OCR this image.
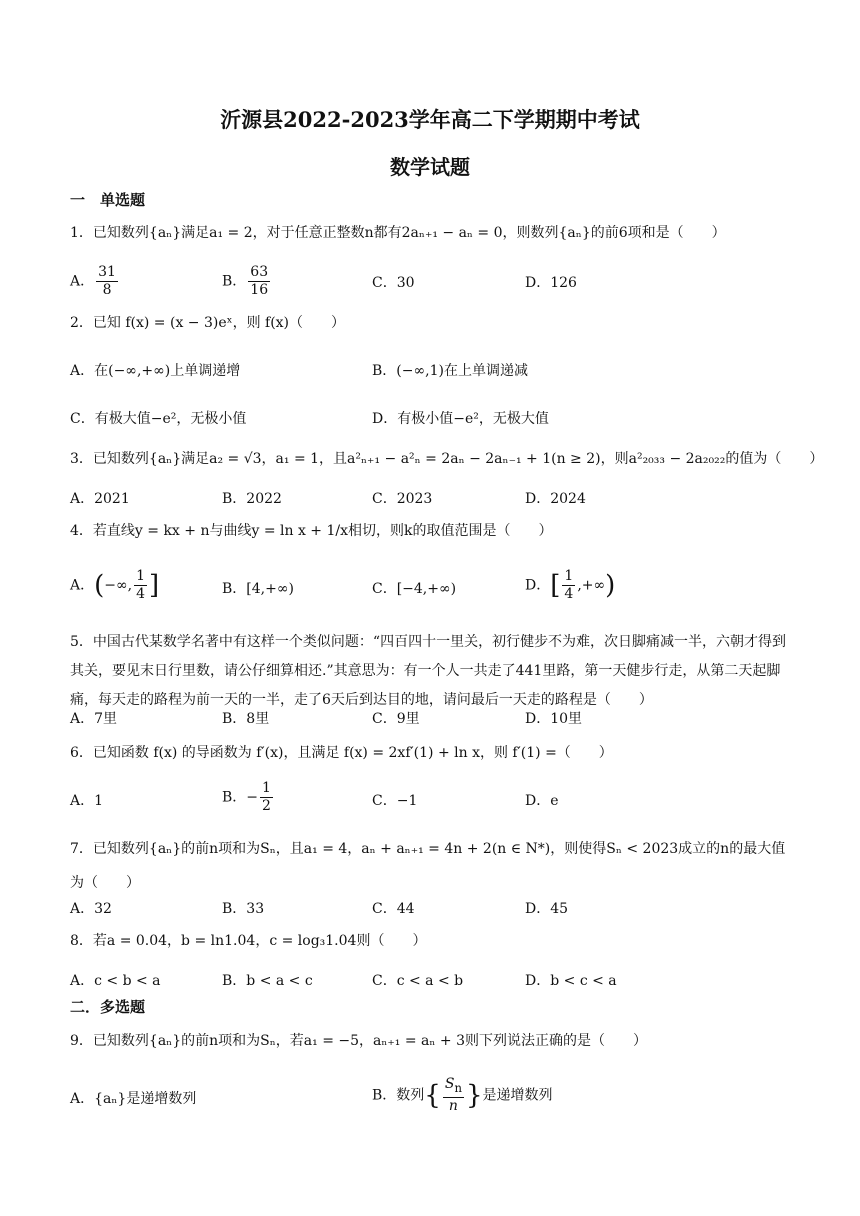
沂源县2022-2023学年高二下学期期中考试
数学试题
一　单选题
1．已知数列{aₙ}满足a₁ = 2，对于任意正整数n都有2aₙ₊₁ − aₙ = 0，则数列{aₙ}的前6项和是（　　）
A． $\frac{31}{8}$	B． $\frac{63}{16}$	C．30	D．126
2．已知 f(x) = (x − 3)eˣ，则 f(x)（　　）
A．在(−∞,+∞)上单调递增	B．(−∞,1)在上单调递减
C．有极大值−e²，无极小值	D．有极小值−e²，无极大值
3．已知数列{aₙ}满足a₂ = √3，a₁ = 1，且a²ₙ₊₁ − a²ₙ = 2aₙ − 2aₙ₋₁ + 1(n ≥ 2)，则a²₂₀₃₃ − 2a₂₀₂₂的值为（　　）
A．2021	B．2022	C．2023	D．2024
4．若直线y = kx + n与曲线y = ln x + 1/x相切，则k的取值范围是（　　）
A．(−∞, $\frac{1}{4}$ ]	B．[4,+∞)	C．[−4,+∞)	D．[ $\frac{1}{4}$ ,+∞)
5．中国古代某数学名著中有这样一个类似问题：“四百四十一里关，初行健步不为难，次日脚痛减一半，六朝才得到其关，要见末日行里数，请公仔细算相还.”其意思为：有一个人一共走了441里路，第一天健步行走，从第二天起脚痛，每天走的路程为前一天的一半，走了6天后到达目的地，请问最后一天走的路程是（　　）
A．7里	B．8里	C．9里	D．10里
6．已知函数 f(x) 的导函数为 f′(x)，且满足 f(x) = 2xf′(1) + ln x，则 f′(1) =（　　）
A．1	B．− $\frac{1}{2}$	C．−1	D．e
7．已知数列{aₙ}的前n项和为Sₙ，且a₁ = 4，aₙ + aₙ₊₁ = 4n + 2(n ∈ N*)，则使得Sₙ < 2023成立的n的最大值为（　　）
A．32	B．33	C．44	D．45
8．若a = 0.04，b = ln1.04，c = log₃1.04则（　　）
A．c < b < a	B．b < a < c	C．c < a < b	D．b < c < a
二．多选题
9．已知数列{aₙ}的前n项和为Sₙ，若a₁ = −5，aₙ₊₁ = aₙ + 3则下列说法正确的是（　　）
A．{aₙ}是递增数列	B．数列{ $\frac{S_n}{n}$ }是递增数列
